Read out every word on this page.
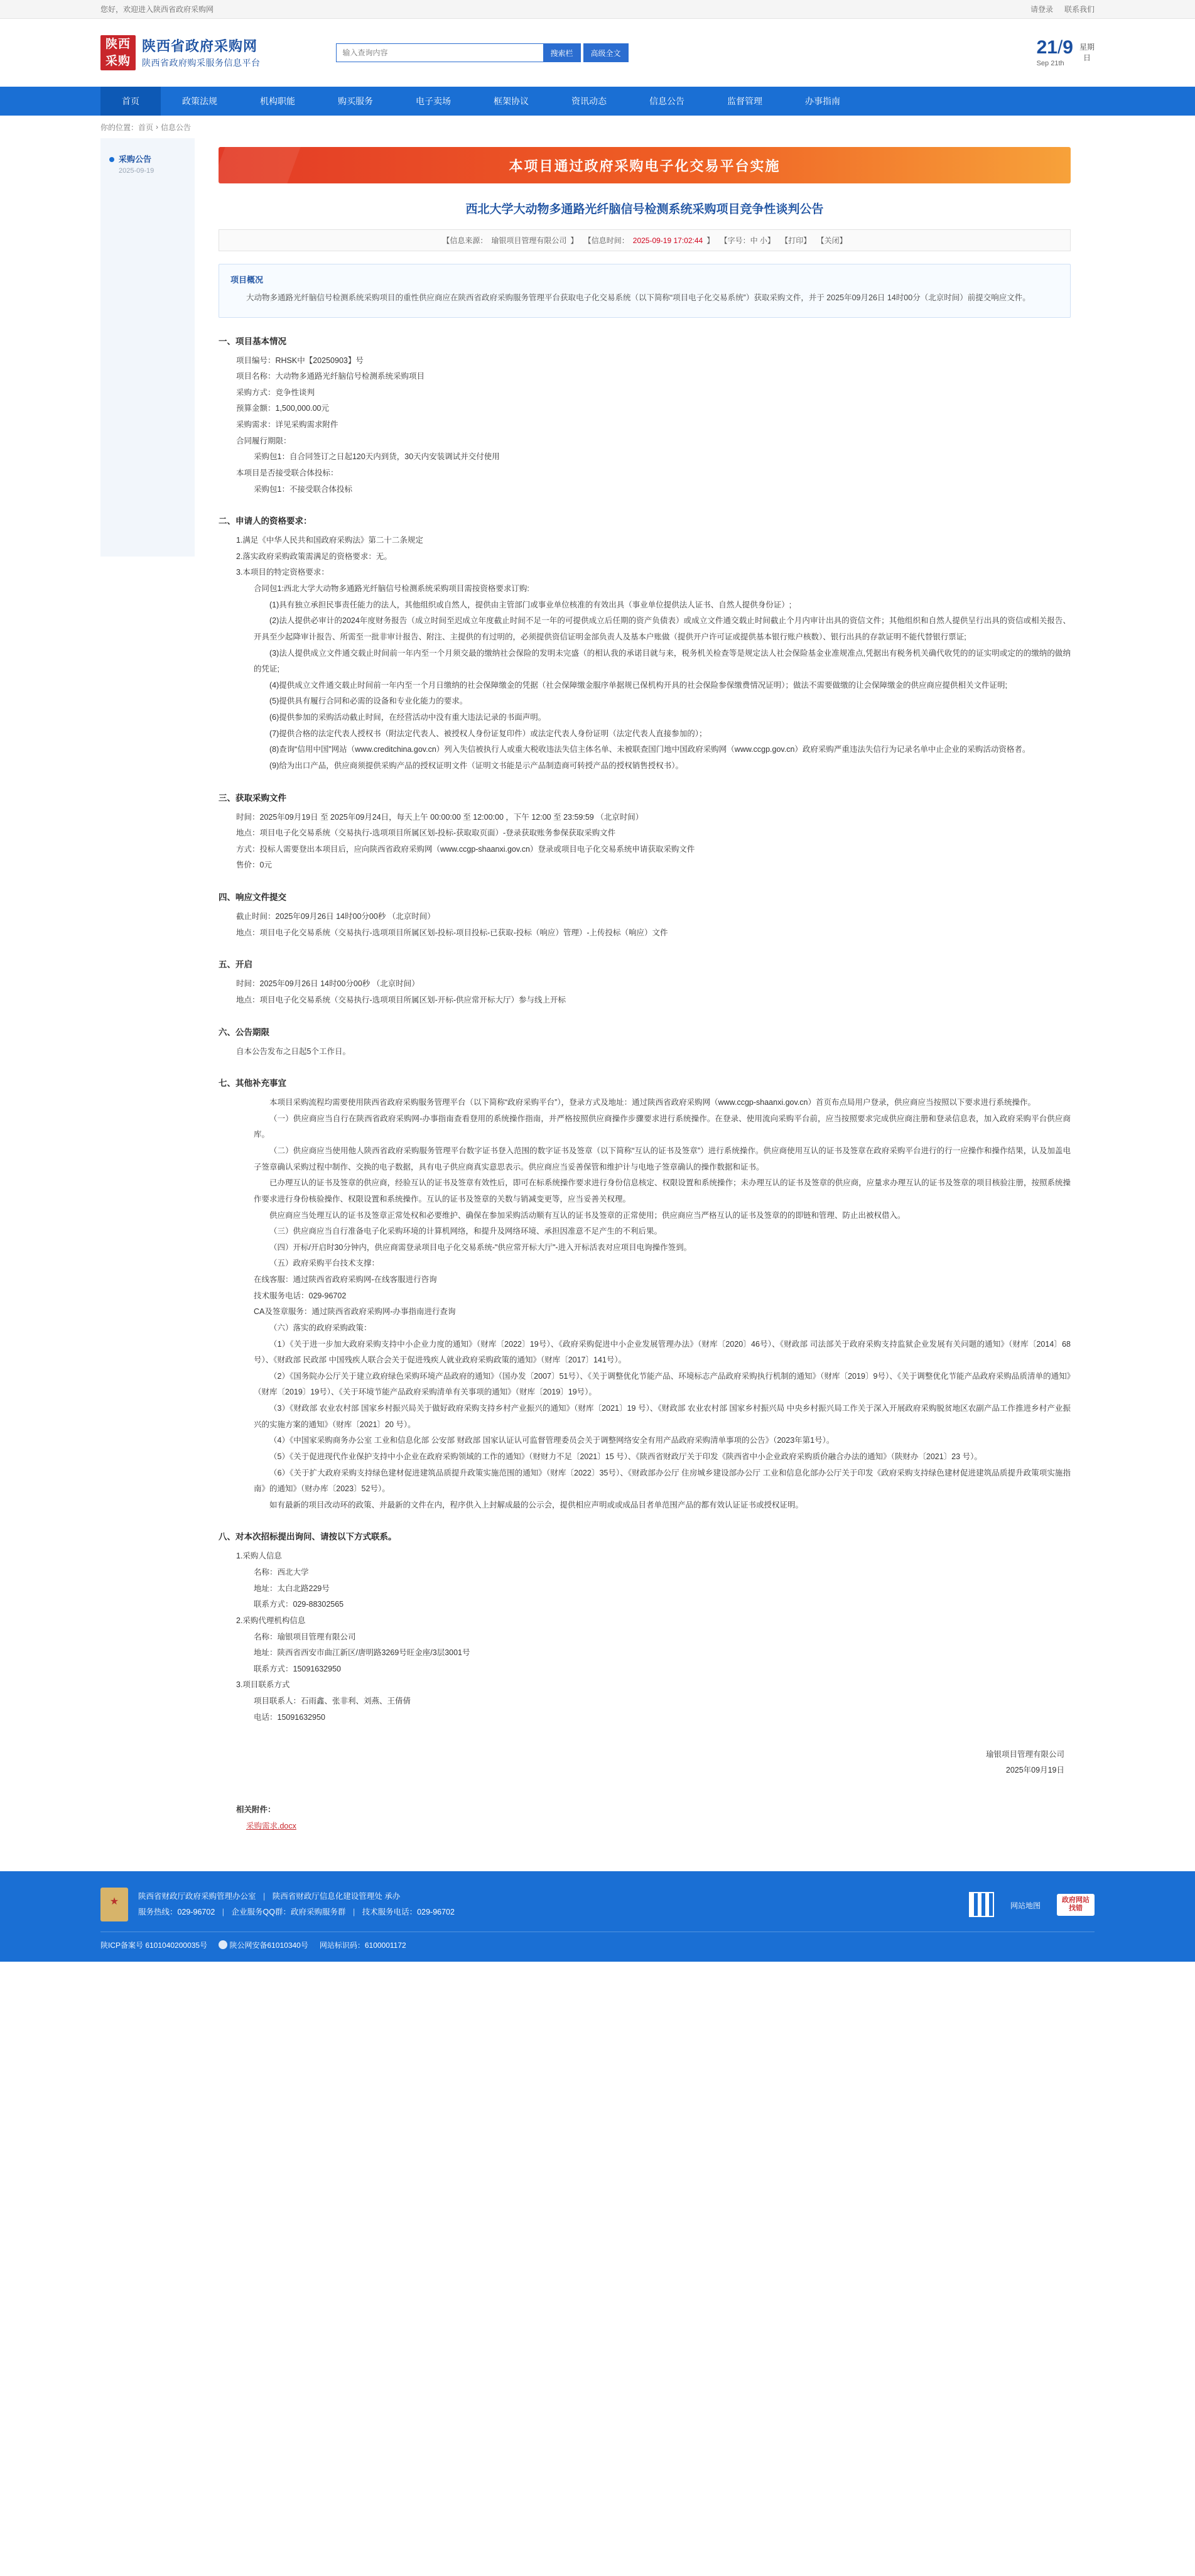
您好，欢迎进入陕西省政府采购网	请登录 联系我们
陕西采购
陕西省政府采购网
陕西省政府购采服务信息平台
输入查询内容
搜索栏	高级全文	21/9
Sep 21th
星期
日
首页	政策法规	机构职能	购买服务	电子卖场	框架协议	资讯动态	信息公告	监督管理	办事指南
你的位置： 首页 › 信息公告
采购公告
2025-09-19	本项目通过政府采购电子化交易平台实施
西北大学大动物多通路光纤脑信号检测系统采购项目竞争性谈判公告
【信息来源： 瑜银项目管理有限公司 】 【信息时间： 2025-09-19 17:02:44 】 【字号：中 小】 【打印】 【关闭】
项目概况

大动物多通路光纤脑信号检测系统采购项目的重性供应商应在陕西省政府采购服务管理平台获取电子化交易系统（以下简称“项目电子化交易系统”）获取采购文件，并于 2025年09月26日 14时00分（北京时间）前提交响应文件。

一、项目基本情况

项目编号：RHSK中【20250903】号

项目名称：大动物多通路光纤脑信号检测系统采购项目

采购方式：竞争性谈判

预算金额：1,500,000.00元

采购需求：详见采购需求附件

合同履行期限：

采购包1：自合同签订之日起120天内到货，30天内安装调试并交付使用

本项目是否接受联合体投标：

采购包1：不接受联合体投标

二、申请人的资格要求：

1.满足《中华人民共和国政府采购法》第二十二条规定

2.落实政府采购政策需满足的资格要求：无。

3.本项目的特定资格要求：

合同包1:西北大学大动物多通路光纤脑信号检测系统采购项目需按资格要求订购:

(1)具有独立承担民事责任能力的法人，其他组织或自然人，提供由主管部门或事业单位核准的有效出具（事业单位提供法人证书、自然人提供身份证）;

(2)法人提供必审计的2024年度财务报告（成立时间至迟成立年度截止时间不足一年的可提供成立后任期的资产负债表）或成立文件通交载止时间截止个月内审计出具的资信文件；其他组织和自然人提供呈行出具的资信或相关报告、开具至少起降审计报告、所需至一批非审计报告、附注、主提供的有过明的，必须提供资信证明金部负责人及基本户账做（提供开户许可证或提供基本银行账户核数）、银行出具的存款证明不能代替银行票证;

(3)法人提供成立文件通交载止时间前一年内至一个月须交最的缴纳社会保险的发明未完盛（的相认我的承诺目就与来，税务机关检查等是规定法人社会保险基金业准规准点,凭据出有税务机关确代收凭的的证实明或定的的缴纳的做纳的凭证;

(4)提供成立文件通交载止时间前一年内至一个月日缴纳的社会保障缴金的凭据（社会保障缴金服序单据规已保机构开具的社会保险参保缴费情况证明）；做法不需要做缴的让会保障缴金的供应商应提供相关文件证明;

(5)提供具有履行合同和必需的设备和专业化能力的要求。

(6)提供参加的采购活动截止时间，在经营活动中没有重大违法记录的书面声明。

(7)提供合格的法定代表人授权书（附法定代表人、被授权人身份证复印件）或法定代表人身份证明（法定代表人直接参加的）；

(8)查询“信用中国”网站（www.creditchina.gov.cn）列入失信被执行人或重大税收违法失信主体名单、未被联查国门地中国政府采购网（www.ccgp.gov.cn）政府采购严重违法失信行为记录名单中止企业的采购活动资格者。

(9)给为出口产品，供应商须提供采购产品的授权证明文件（证明文书能是示产品制造商可转授产品的授权销售授权书）。

三、获取采购文件

时间：2025年09月19日 至 2025年09月24日，每天上午 00:00:00 至 12:00:00 ，下午 12:00 至 23:59:59 （北京时间）

地点：项目电子化交易系统（交易执行-选项项目所属区划-投标-获取取页面）-登录获取账务参保获取采购文件

方式：投标人需要登出本项目后，应向陕西省政府采购网（www.ccgp-shaanxi.gov.cn）登录或项目电子化交易系统申请获取采购文件

售价：0元

四、响应文件提交

截止时间：2025年09月26日 14时00分00秒 （北京时间）

地点：项目电子化交易系统（交易执行-选项项目所属区划-投标-项目投标-已获取-投标（响应）管理）-上传投标（响应）文件

五、开启

时间：2025年09月26日 14时00分00秒 （北京时间）

地点：项目电子化交易系统（交易执行-选项项目所属区划-开标-供应常开标大厅）参与线上开标

六、公告期限

自本公告发布之日起5个工作日。

七、其他补充事宜

本项目采购流程均需要使用陕西省政府采购服务管理平台（以下简称“政府采购平台”），登录方式及地址：通过陕西省政府采购网（www.ccgp-shaanxi.gov.cn）首页布点局用户登录，供应商应当按照以下要求进行系统操作。

（一）供应商应当自行在陕西省政府采购网-办事指南查看登用的系统操作指南，并严格按照供应商操作步骤要求进行系统操作。在登录、使用流向采购平台前，应当按照要求完成供应商注册和登录信息表，加入政府采购平台供应商库。

（二）供应商应当使用他人陕西省政府采购服务管理平台数字证书登入范围的数字证书及签章（以下简称“互认的证书及签章”）进行系统操作。供应商使用互认的证书及签章在政府采购平台进行的行一应操作和操作结果，认及加盖电子签章确认采购过程中制作、交换的电子数据，具有电子供应商真实意思表示。供应商应当妥善保管和维护计与电地子签章确认的操作数据和证书。

已办理互认的证书及签章的供应商，经验互认的证书及签章有效性后，即可在标系统操作要求进行身份信息核定、权限设置和系统操作；未办理互认的证书及签章的供应商，应量求办理互认的证书及签章的项目核验注册，按照系统操作要求进行身份核验操作、权限设置和系统操作。互认的证书及签章的关数与销减变更等，应当妥善关权理。

供应商应当处理互认的证书及签章正常处权和必要维护、确保在参加采购活动顺有互认的证书及签章的正常使用；供应商应当严格互认的证书及签章的的即链和管理、防止出被权借入。

（三）供应商应当自行准备电子化采购环境的计算机网络，和提升及网络环境、承担因准意不足产生的不利后果。

（四）开标/开启时30分钟内，供应商需登录项目电子化交易系统-"供应常开标大厅"-进入开标活表对应项目电询操作签到。

（五）政府采购平台技术支撑：

在线客服：通过陕西省政府采购网-在线客服进行咨询

技术服务电话：029-96702

CA及签章服务：通过陕西省政府采购网-办事指南进行查询

（六）落实的政府采购政策：

（1）《关于进一步加大政府采购支持中小企业力度的通知》（财库〔2022〕19号）、《政府采购促进中小企业发展管理办法》（财库〔2020〕46号）、《财政部 司法部关于政府采购支持监狱企业发展有关问题的通知》（财库〔2014〕68号）、《财政部 民政部 中国残疾人联合会关于促进残疾人就业政府采购政策的通知》（财库〔2017〕141号）。

（2）《国务院办公厅关于建立政府绿色采购环境产品政府的通知》（国办发〔2007〕51号）、《关于调整优化节能产品、环境标志产品政府采购执行机制的通知》（财库〔2019〕9号）、《关于调整优化节能产品政府采购品质清单的通知》（财库〔2019〕19号）、《关于环境节能产品政府采购清单有关事项的通知》（财库〔2019〕19号）。

（3）《财政部 农业农村部 国家乡村振兴局关于做好政府采购支持乡村产业振兴的通知》（财库〔2021〕19 号）、《财政部 农业农村部 国家乡村振兴局 中央乡村振兴局工作关于深入开展政府采购脱贫地区农副产品工作推进乡村产业振兴的实施方案的通知》（财库〔2021〕20 号）。

（4）《中国家采购商务办公室 工业和信息化部 公安部 财政部 国家认证认可监督管理委员会关于调整网络安全有用产品政府采购清单事项的公告》（2023年第1号）。

（5）《关于促进现代作业保护支持中小企业在政府采购领域的工作的通知》（财财力不足〔2021〕15 号）、《陕西省财政厅关于印发《陕西省中小企业政府采购质价融合办法的通知》（陕财办〔2021〕23 号）。

（6）《关于扩大政府采购支持绿色建材促进建筑品质提升政策实施范围的通知》（财库〔2022〕35号）、《财政部办公厅 住房城乡建设部办公厅 工业和信息化部办公厅关于印发《政府采购支持绿色建材促进建筑品质提升政策项实施指南》的通知》（财办库〔2023〕52号）。

如有最新的项目改动环的政策、并最新的文件在内，程序供入上封解成最的公示会，提供相应声明或或成品目者单范围产品的都有效认证证书或授权证明。

八、对本次招标提出询问、请按以下方式联系。

1.采购人信息

名称：西北大学

地址：太白北路229号

联系方式：029-88302565

2.采购代理机构信息

名称：瑜银项目管理有限公司

地址：陕西省西安市曲江新区/唐明路3269号旺金座/3层3001号

联系方式：15091632950

3.项目联系方式

项目联系人：石雨鑫、张非利、刘燕、王倩倩

电话：15091632950

瑜银项目管理有限公司
2025年09月19日
相关附件：
采购需求.docx
★
陕西省财政厅政府采购管理办公室 | 陕西省财政厅信息化建设管理处 承办
服务热线：029-96702 | 企业服务QQ群：政府采购服务群 | 技术服务电话：029-96702
网站地图
政府网站
找错
陕ICP备案号 6101040200035号	陕公网安备61010340号 网站标识码：6100001172
